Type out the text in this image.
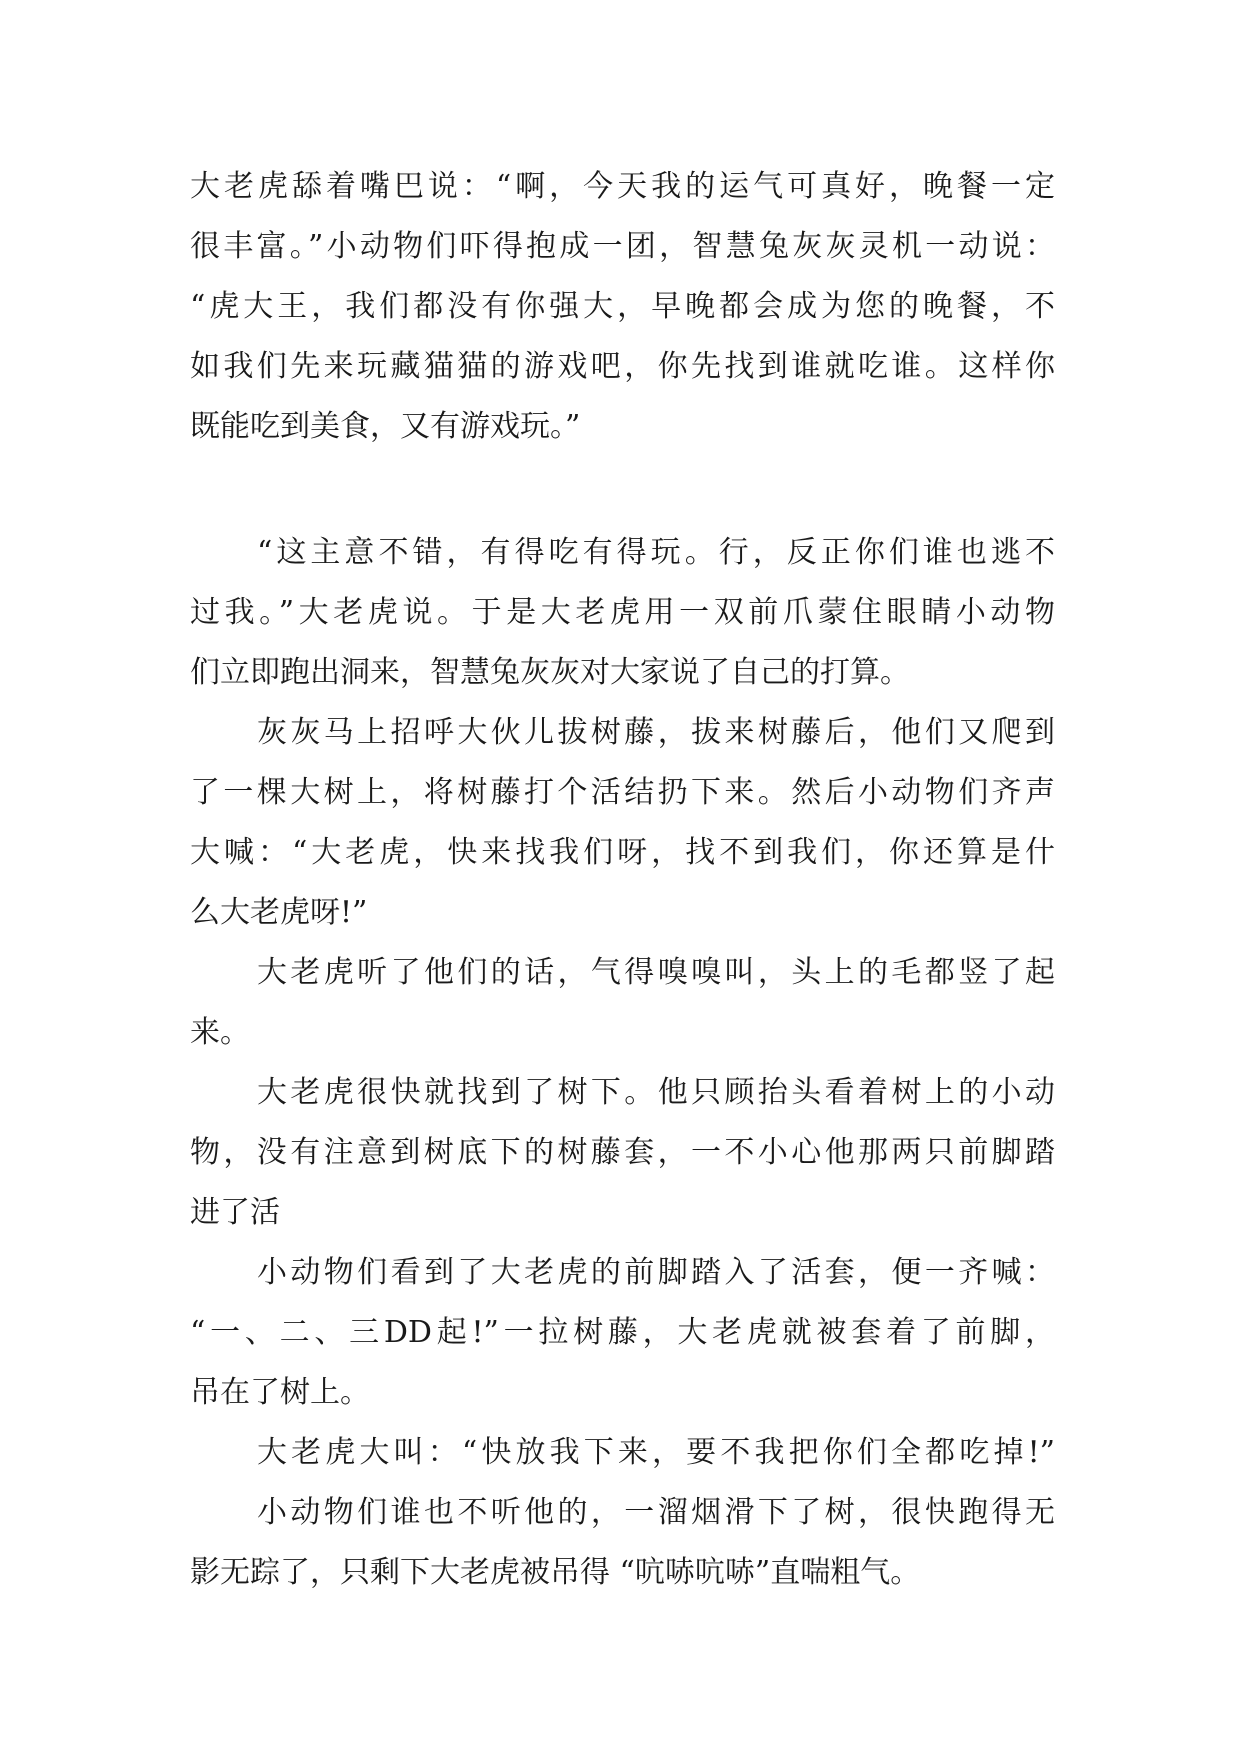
大老虎舔着嘴巴说：“啊，今天我的运气可真好，晚餐一定
很丰富。”小动物们吓得抱成一团，智慧兔灰灰灵机一动说：
“虎大王，我们都没有你强大，早晚都会成为您的晚餐，不
如我们先来玩藏猫猫的游戏吧，你先找到谁就吃谁。这样你
既能吃到美食，又有游戏玩。”
“这主意不错，有得吃有得玩。行，反正你们谁也逃不
过我。”大老虎说。于是大老虎用一双前爪蒙住眼睛小动物
们立即跑出洞来，智慧兔灰灰对大家说了自己的打算。
灰灰马上招呼大伙儿拔树藤，拔来树藤后，他们又爬到
了一棵大树上，将树藤打个活结扔下来。然后小动物们齐声
大喊：“大老虎，快来找我们呀，找不到我们，你还算是什
么大老虎呀!”
大老虎听了他们的话，气得嗅嗅叫，头上的毛都竖了起
来。
大老虎很快就找到了树下。他只顾抬头看着树上的小动
物，没有注意到树底下的树藤套，一不小心他那两只前脚踏
进了活
小动物们看到了大老虎的前脚踏入了活套，便一齐喊：
“一、二、三DD起!”一拉树藤，大老虎就被套着了前脚，
吊在了树上。
大老虎大叫：“快放我下来，要不我把你们全都吃掉!”
小动物们谁也不听他的，一溜烟滑下了树，很快跑得无
影无踪了，只剩下大老虎被吊得 “吭哧吭哧”直喘粗气。
